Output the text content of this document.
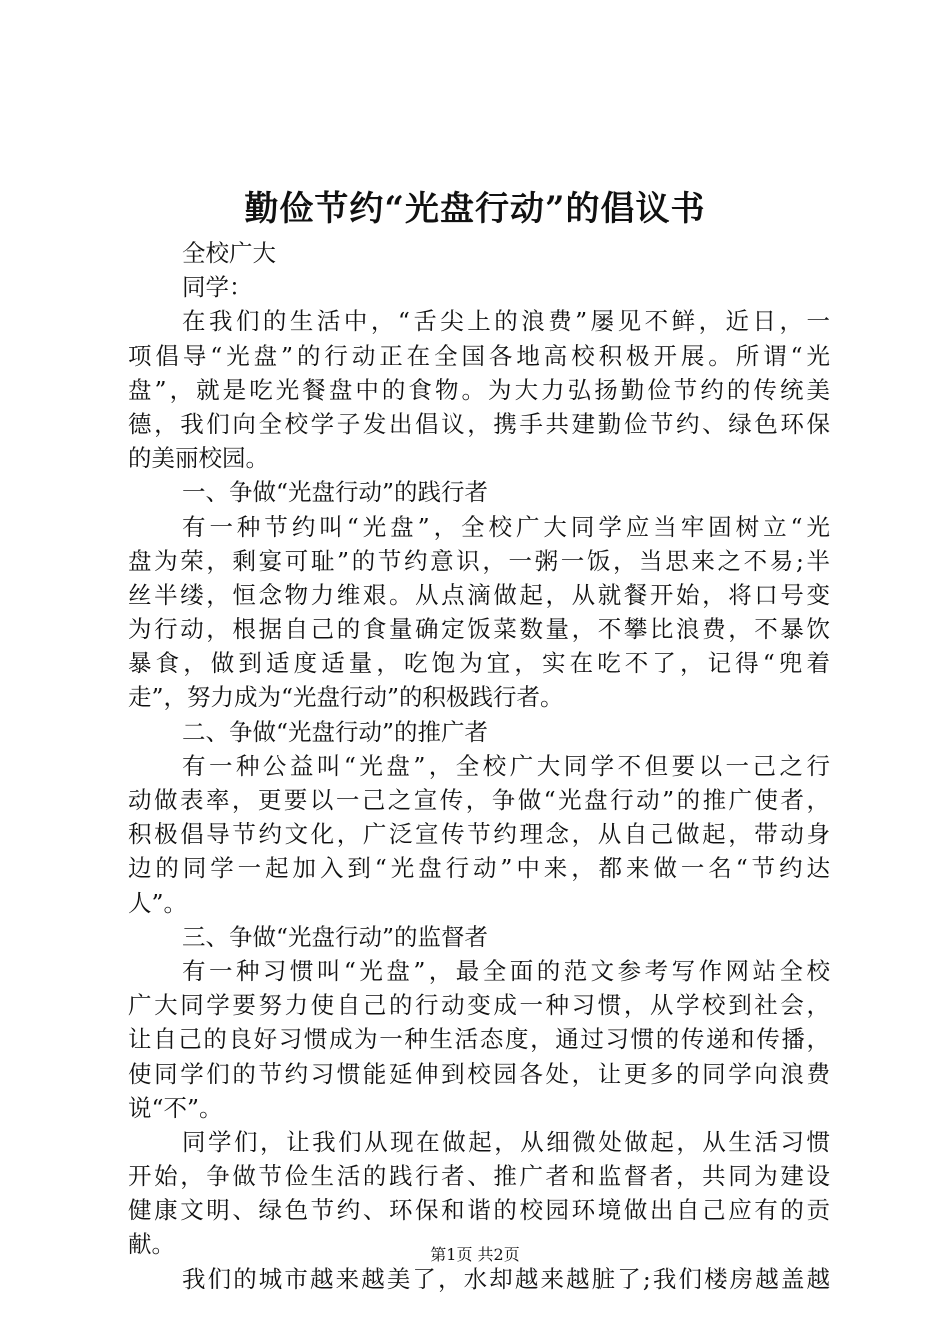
勤俭节约“光盘行动”的倡议书
全校广大
同学：
在我们的生活中，“舌尖上的浪费”屡见不鲜，近日，一
项倡导“光盘”的行动正在全国各地高校积极开展。所谓“光
盘”，就是吃光餐盘中的食物。为大力弘扬勤俭节约的传统美
德，我们向全校学子发出倡议，携手共建勤俭节约、绿色环保
的美丽校园。
一、争做“光盘行动”的践行者
有一种节约叫“光盘”，全校广大同学应当牢固树立“光
盘为荣，剩宴可耻”的节约意识，一粥一饭，当思来之不易;半
丝半缕，恒念物力维艰。从点滴做起，从就餐开始，将口号变
为行动，根据自己的食量确定饭菜数量，不攀比浪费，不暴饮
暴食，做到适度适量，吃饱为宜，实在吃不了，记得“兜着
走”，努力成为“光盘行动”的积极践行者。
二、争做“光盘行动”的推广者
有一种公益叫“光盘”，全校广大同学不但要以一己之行
动做表率，更要以一己之宣传，争做“光盘行动”的推广使者，
积极倡导节约文化，广泛宣传节约理念，从自己做起，带动身
边的同学一起加入到“光盘行动”中来，都来做一名“节约达
人”。
三、争做“光盘行动”的监督者
有一种习惯叫“光盘”，最全面的范文参考写作网站全校
广大同学要努力使自己的行动变成一种习惯，从学校到社会，
让自己的良好习惯成为一种生活态度，通过习惯的传递和传播，
使同学们的节约习惯能延伸到校园各处，让更多的同学向浪费
说“不”。
同学们，让我们从现在做起，从细微处做起，从生活习惯
开始，争做节俭生活的践行者、推广者和监督者，共同为建设
健康文明、绿色节约、环保和谐的校园环境做出自己应有的贡
献。
我们的城市越来越美了，水却越来越脏了;我们楼房越盖越
第1页 共2页
